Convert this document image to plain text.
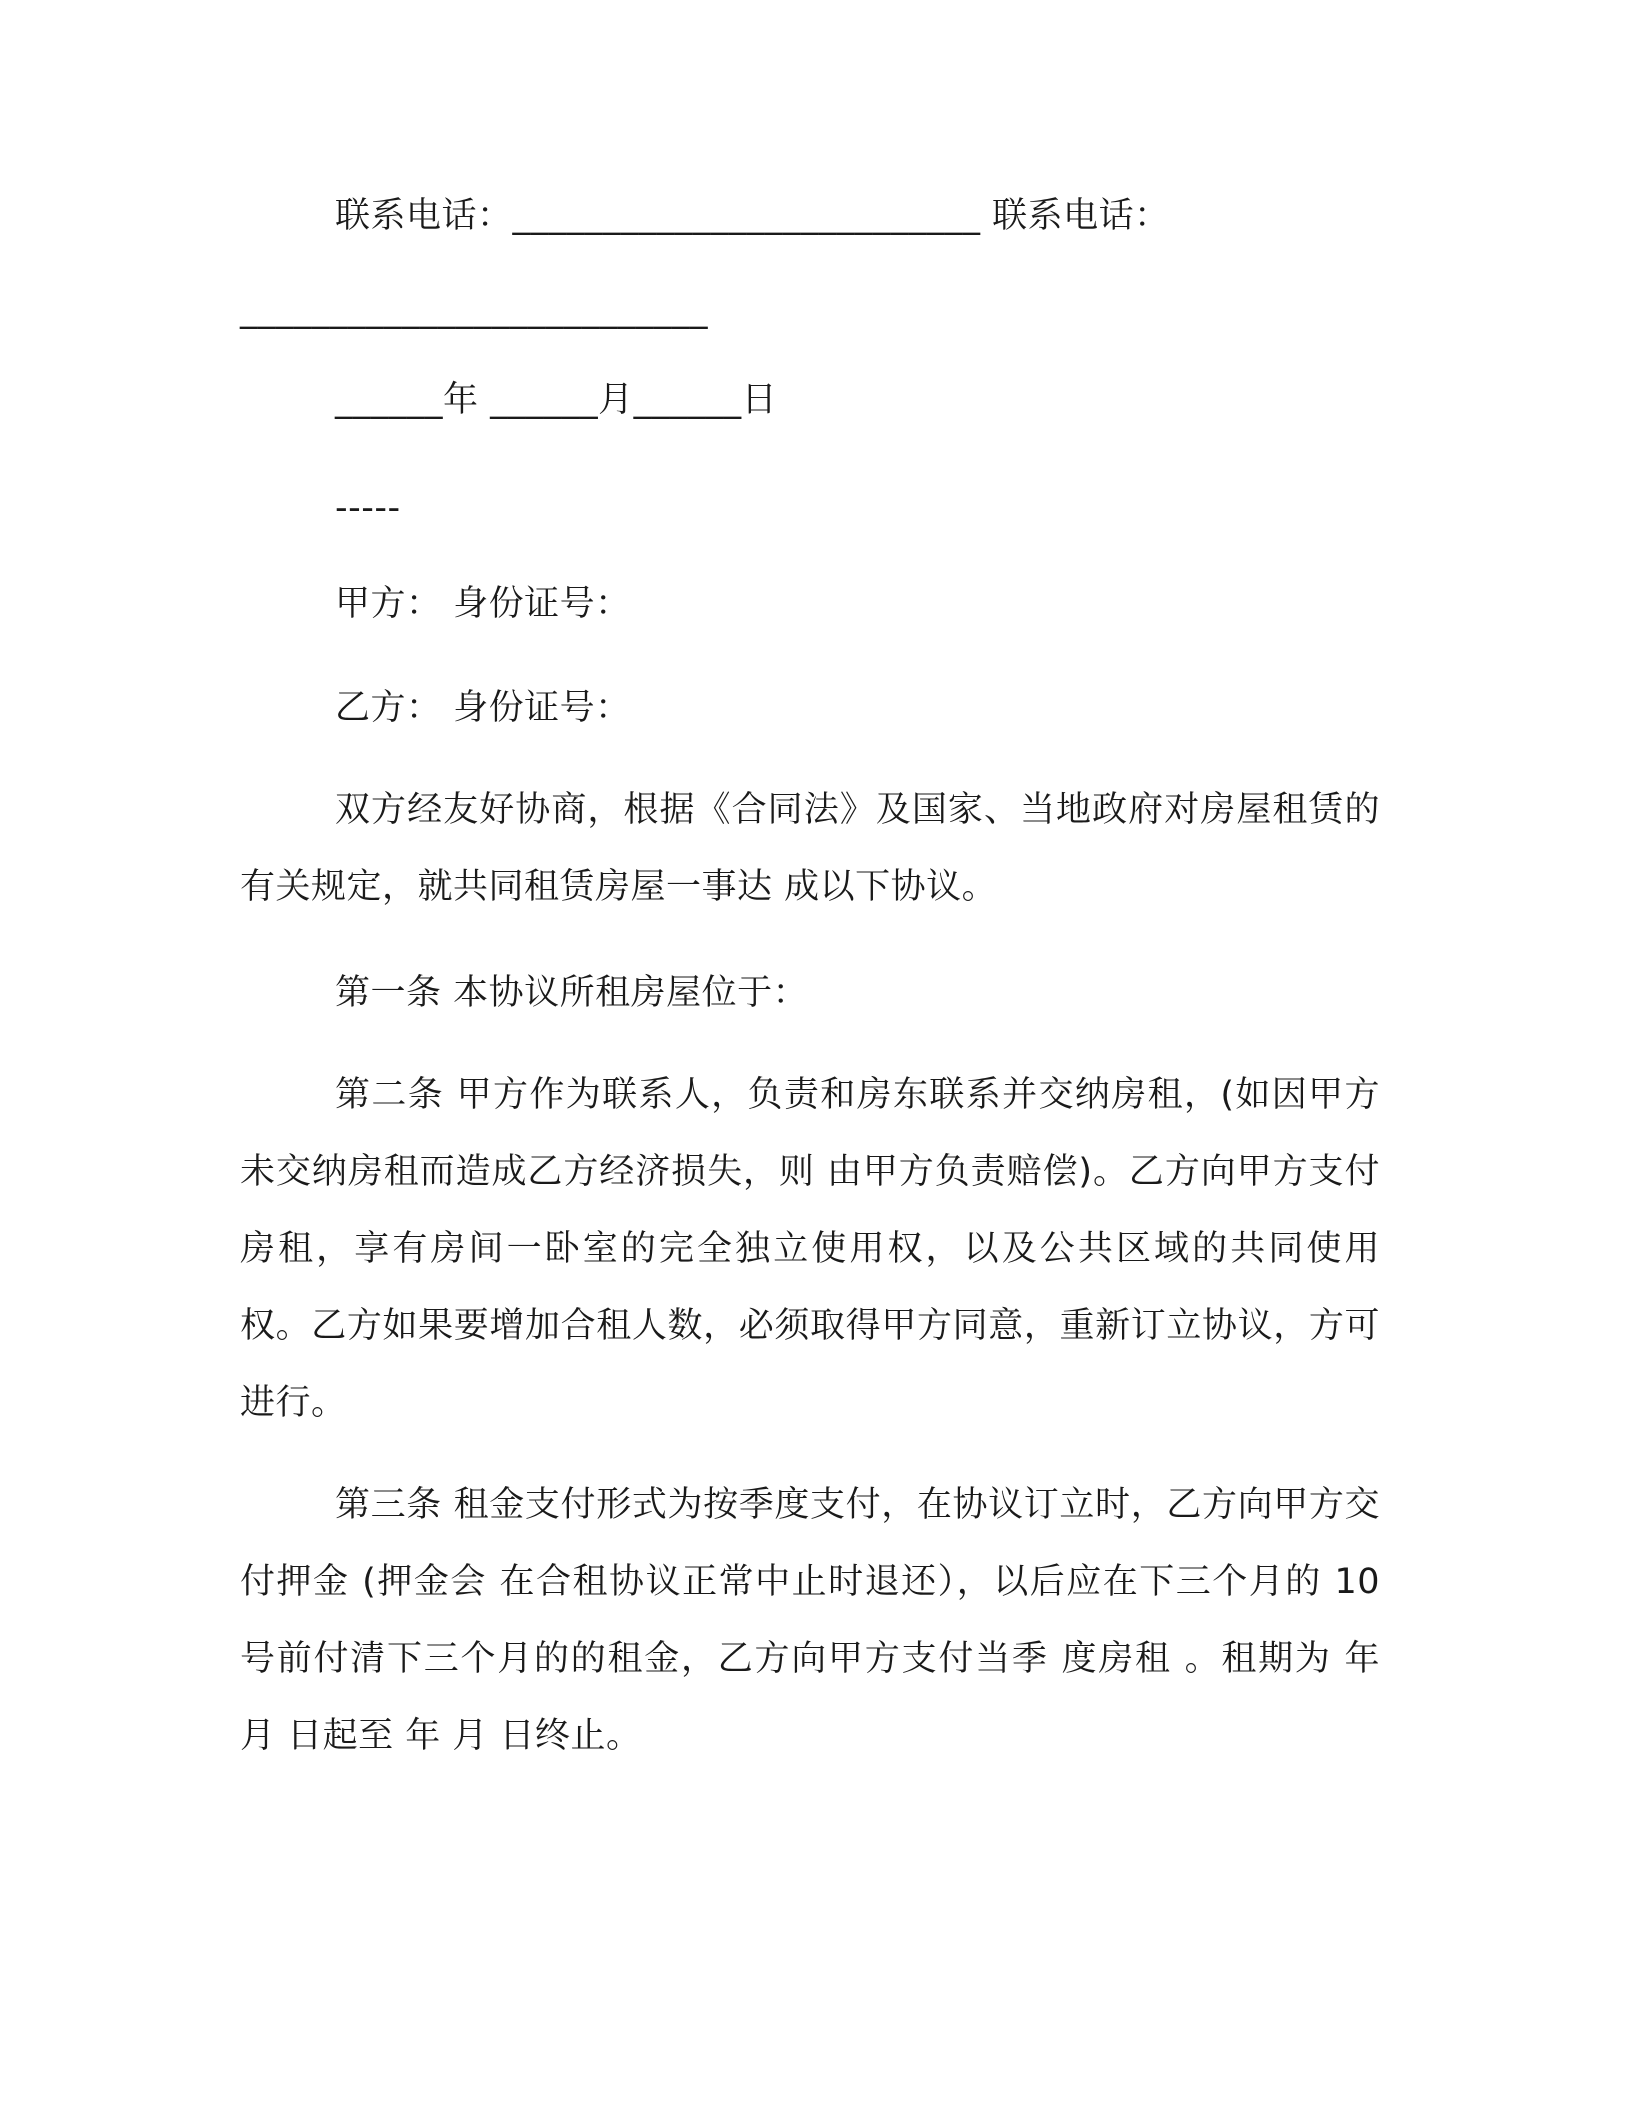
联系电话：__________________________ 联系电话：
__________________________
______年 ______月______日
-----
甲方： 身份证号：
乙方： 身份证号：

双方经友好协商，根据《合同法》及国家、当地政府对房屋租赁的有关规定，就共同租赁房屋一事达 成以下协议。

第一条 本协议所租房屋位于：

第二条 甲方作为联系人，负责和房东联系并交纳房租，(如因甲方未交纳房租而造成乙方经济损失，则 由甲方负责赔偿)。乙方向甲方支付房租，享有房间一卧室的完全独立使用权，以及公共区域的共同使用 权。乙方如果要增加合租人数，必须取得甲方同意，重新订立协议，方可进行。

第三条 租金支付形式为按季度支付，在协议订立时，乙方向甲方交付押金 (押金会 在合租协议正常中止时退还），以后应在下三个月的 10 号前付清下三个月的的租金，乙方向甲方支付当季 度房租 。租期为 年 月 日起至 年 月 日终止。
